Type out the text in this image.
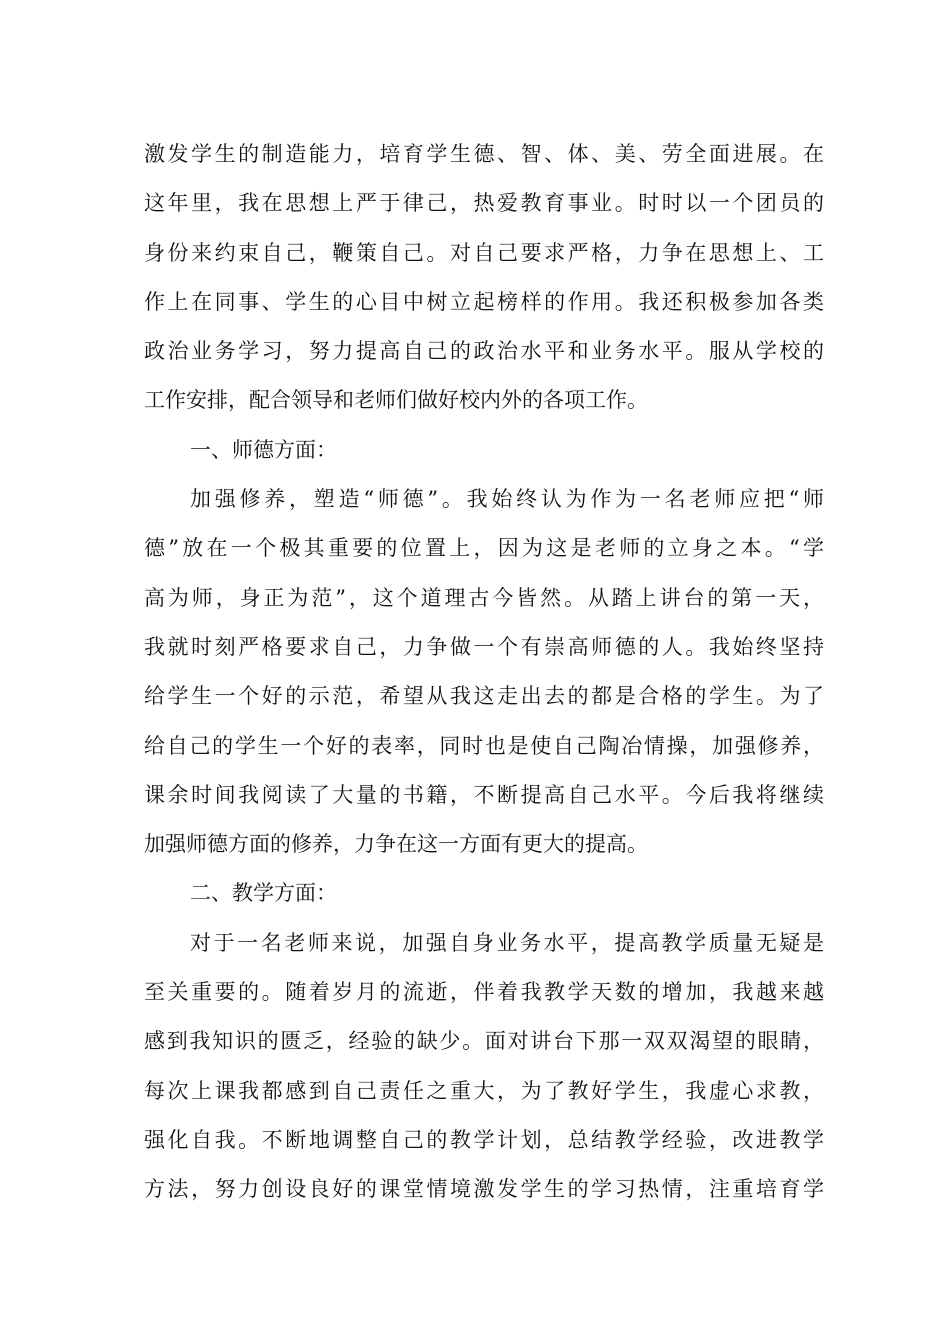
激发学生的制造能力，培育学生德、智、体、美、劳全面进展。在
这年里，我在思想上严于律己，热爱教育事业。时时以一个团员的
身份来约束自己，鞭策自己。对自己要求严格，力争在思想上、工
作上在同事、学生的心目中树立起榜样的作用。我还积极参加各类
政治业务学习，努力提高自己的政治水平和业务水平。服从学校的
工作安排，配合领导和老师们做好校内外的各项工作。
一、师德方面：
加强修养，塑造“师德”。我始终认为作为一名老师应把“师
德”放在一个极其重要的位置上，因为这是老师的立身之本。“学
高为师，身正为范”，这个道理古今皆然。从踏上讲台的第一天，
我就时刻严格要求自己，力争做一个有崇高师德的人。我始终坚持
给学生一个好的示范，希望从我这走出去的都是合格的学生。为了
给自己的学生一个好的表率，同时也是使自己陶冶情操，加强修养，
课余时间我阅读了大量的书籍，不断提高自己水平。今后我将继续
加强师德方面的修养，力争在这一方面有更大的提高。
二、教学方面：
对于一名老师来说，加强自身业务水平，提高教学质量无疑是
至关重要的。随着岁月的流逝，伴着我教学天数的增加，我越来越
感到我知识的匮乏，经验的缺少。面对讲台下那一双双渴望的眼睛，
每次上课我都感到自己责任之重大，为了教好学生，我虚心求教，
强化自我。不断地调整自己的教学计划，总结教学经验，改进教学
方法，努力创设良好的课堂情境激发学生的学习热情，注重培育学
